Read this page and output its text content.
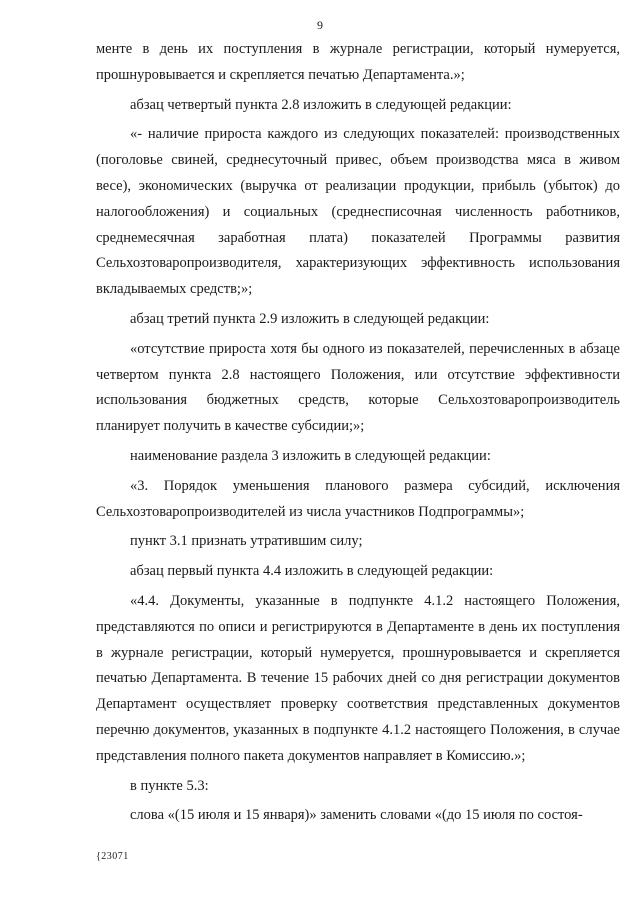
9

менте в день их поступления в журнале регистрации, который нумеруется, прошнуровывается и скрепляется печатью Департамента.»;

абзац четвертый пункта 2.8 изложить в следующей редакции:

«- наличие прироста каждого из следующих показателей: производственных (поголовье свиней, среднесуточный привес, объем производства мяса в живом весе), экономических (выручка от реализации продукции, прибыль (убыток) до налогообложения) и социальных (среднесписочная численность работников, среднемесячная заработная плата) показателей Программы развития Сельхозтоваропроизводителя, характеризующих эффективность использования вкладываемых средств;»;

абзац третий пункта 2.9 изложить в следующей редакции:

«отсутствие прироста хотя бы одного из показателей, перечисленных в абзаце четвертом пункта 2.8 настоящего Положения, или отсутствие эффективности использования бюджетных средств, которые Сельхозтоваропроизводитель планирует получить в качестве субсидии;»;

наименование раздела 3 изложить в следующей редакции:

«3. Порядок уменьшения планового размера субсидий, исключения Сельхозтоваропроизводителей из числа участников Подпрограммы»;

пункт 3.1 признать утратившим силу;

абзац первый пункта 4.4 изложить в следующей редакции:

«4.4. Документы, указанные в подпункте 4.1.2 настоящего Положения, представляются по описи и регистрируются в Департаменте в день их поступления в журнале регистрации, который нумеруется, прошнуровывается и скрепляется печатью Департамента. В течение 15 рабочих дней со дня регистрации документов Департамент осуществляет проверку соответствия представленных документов перечню документов, указанных в подпункте 4.1.2 настоящего Положения, в случае представления полного пакета документов направляет в Комиссию.»;

в пункте 5.3:

слова «(15 июля и 15 января)» заменить словами «(до 15 июля по состоя-

{23071
